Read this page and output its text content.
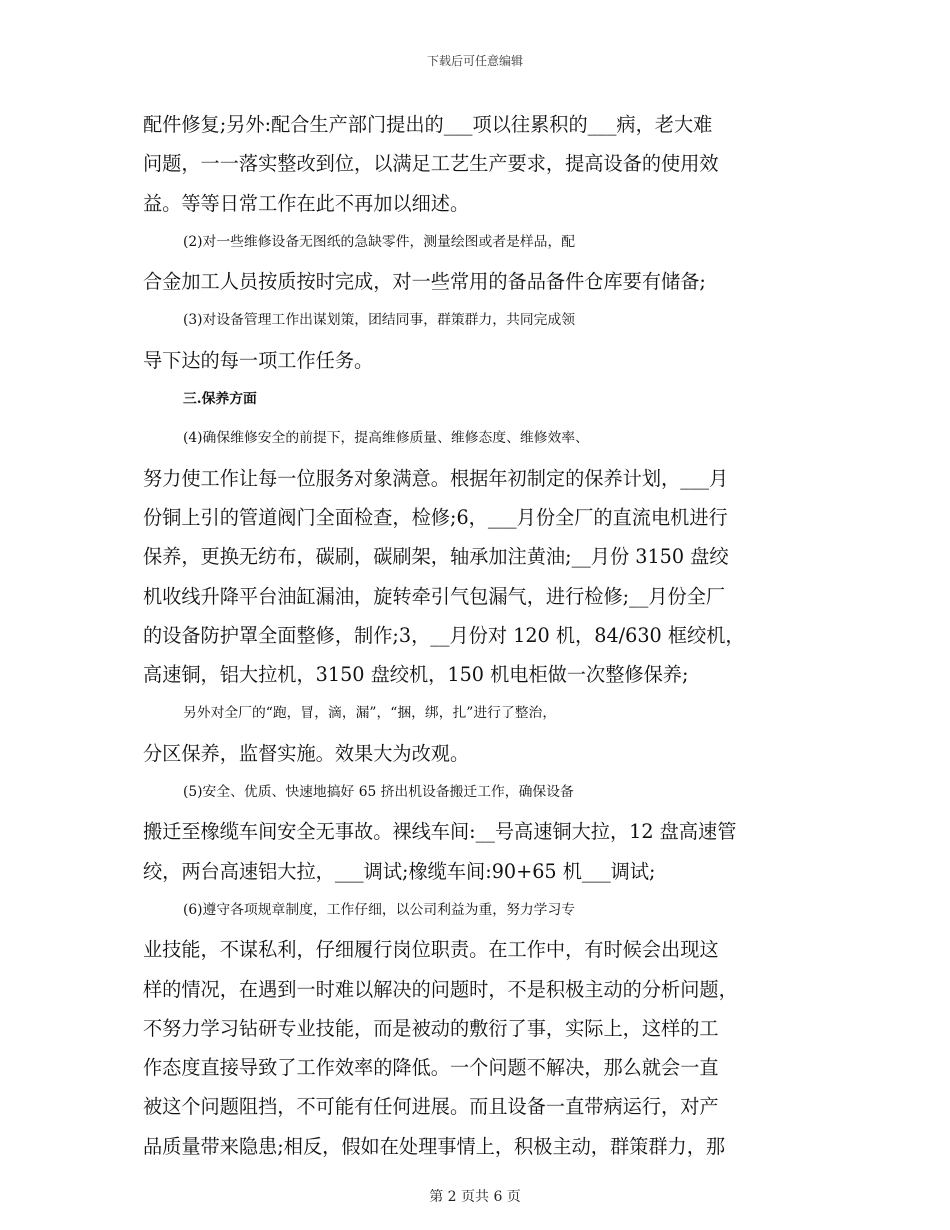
下载后可任意编辑
配件修复;另外:配合生产部门提出的___项以往累积的___病，老大难
问题，一一落实整改到位，以满足工艺生产要求，提高设备的使用效
益。等等日常工作在此不再加以细述。
(2)对一些维修设备无图纸的急缺零件，测量绘图或者是样品，配
合金加工人员按质按时完成，对一些常用的备品备件仓库要有储备;
(3)对设备管理工作出谋划策，团结同事，群策群力，共同完成领
导下达的每一项工作任务。
三.保养方面
(4)确保维修安全的前提下，提高维修质量、维修态度、维修效率、
努力使工作让每一位服务对象满意。根据年初制定的保养计划，___月
份铜上引的管道阀门全面检查，检修;6，___月份全厂的直流电机进行
保养，更换无纺布，碳刷，碳刷架，轴承加注黄油;__月份 3150 盘绞
机收线升降平台油缸漏油，旋转牵引气包漏气，进行检修;__月份全厂
的设备防护罩全面整修，制作;3，__月份对 120 机，84/630 框绞机，
高速铜，铝大拉机，3150 盘绞机，150 机电柜做一次整修保养;
另外对全厂的“跑，冒，滴，漏”，“捆，绑，扎”进行了整治，
分区保养，监督实施。效果大为改观。
(5)安全、优质、快速地搞好 65 挤出机设备搬迁工作，确保设备
搬迁至橡缆车间安全无事故。裸线车间:__号高速铜大拉，12 盘高速管
绞，两台高速铝大拉，___调试;橡缆车间:90+65 机___调试;
(6)遵守各项规章制度，工作仔细，以公司利益为重，努力学习专
业技能，不谋私利，仔细履行岗位职责。在工作中，有时候会出现这
样的情况，在遇到一时难以解决的问题时，不是积极主动的分析问题，
不努力学习钻研专业技能，而是被动的敷衍了事，实际上，这样的工
作态度直接导致了工作效率的降低。一个问题不解决，那么就会一直
被这个问题阻挡，不可能有任何进展。而且设备一直带病运行，对产
品质量带来隐患;相反，假如在处理事情上，积极主动，群策群力，那
第 2 页共 6 页
